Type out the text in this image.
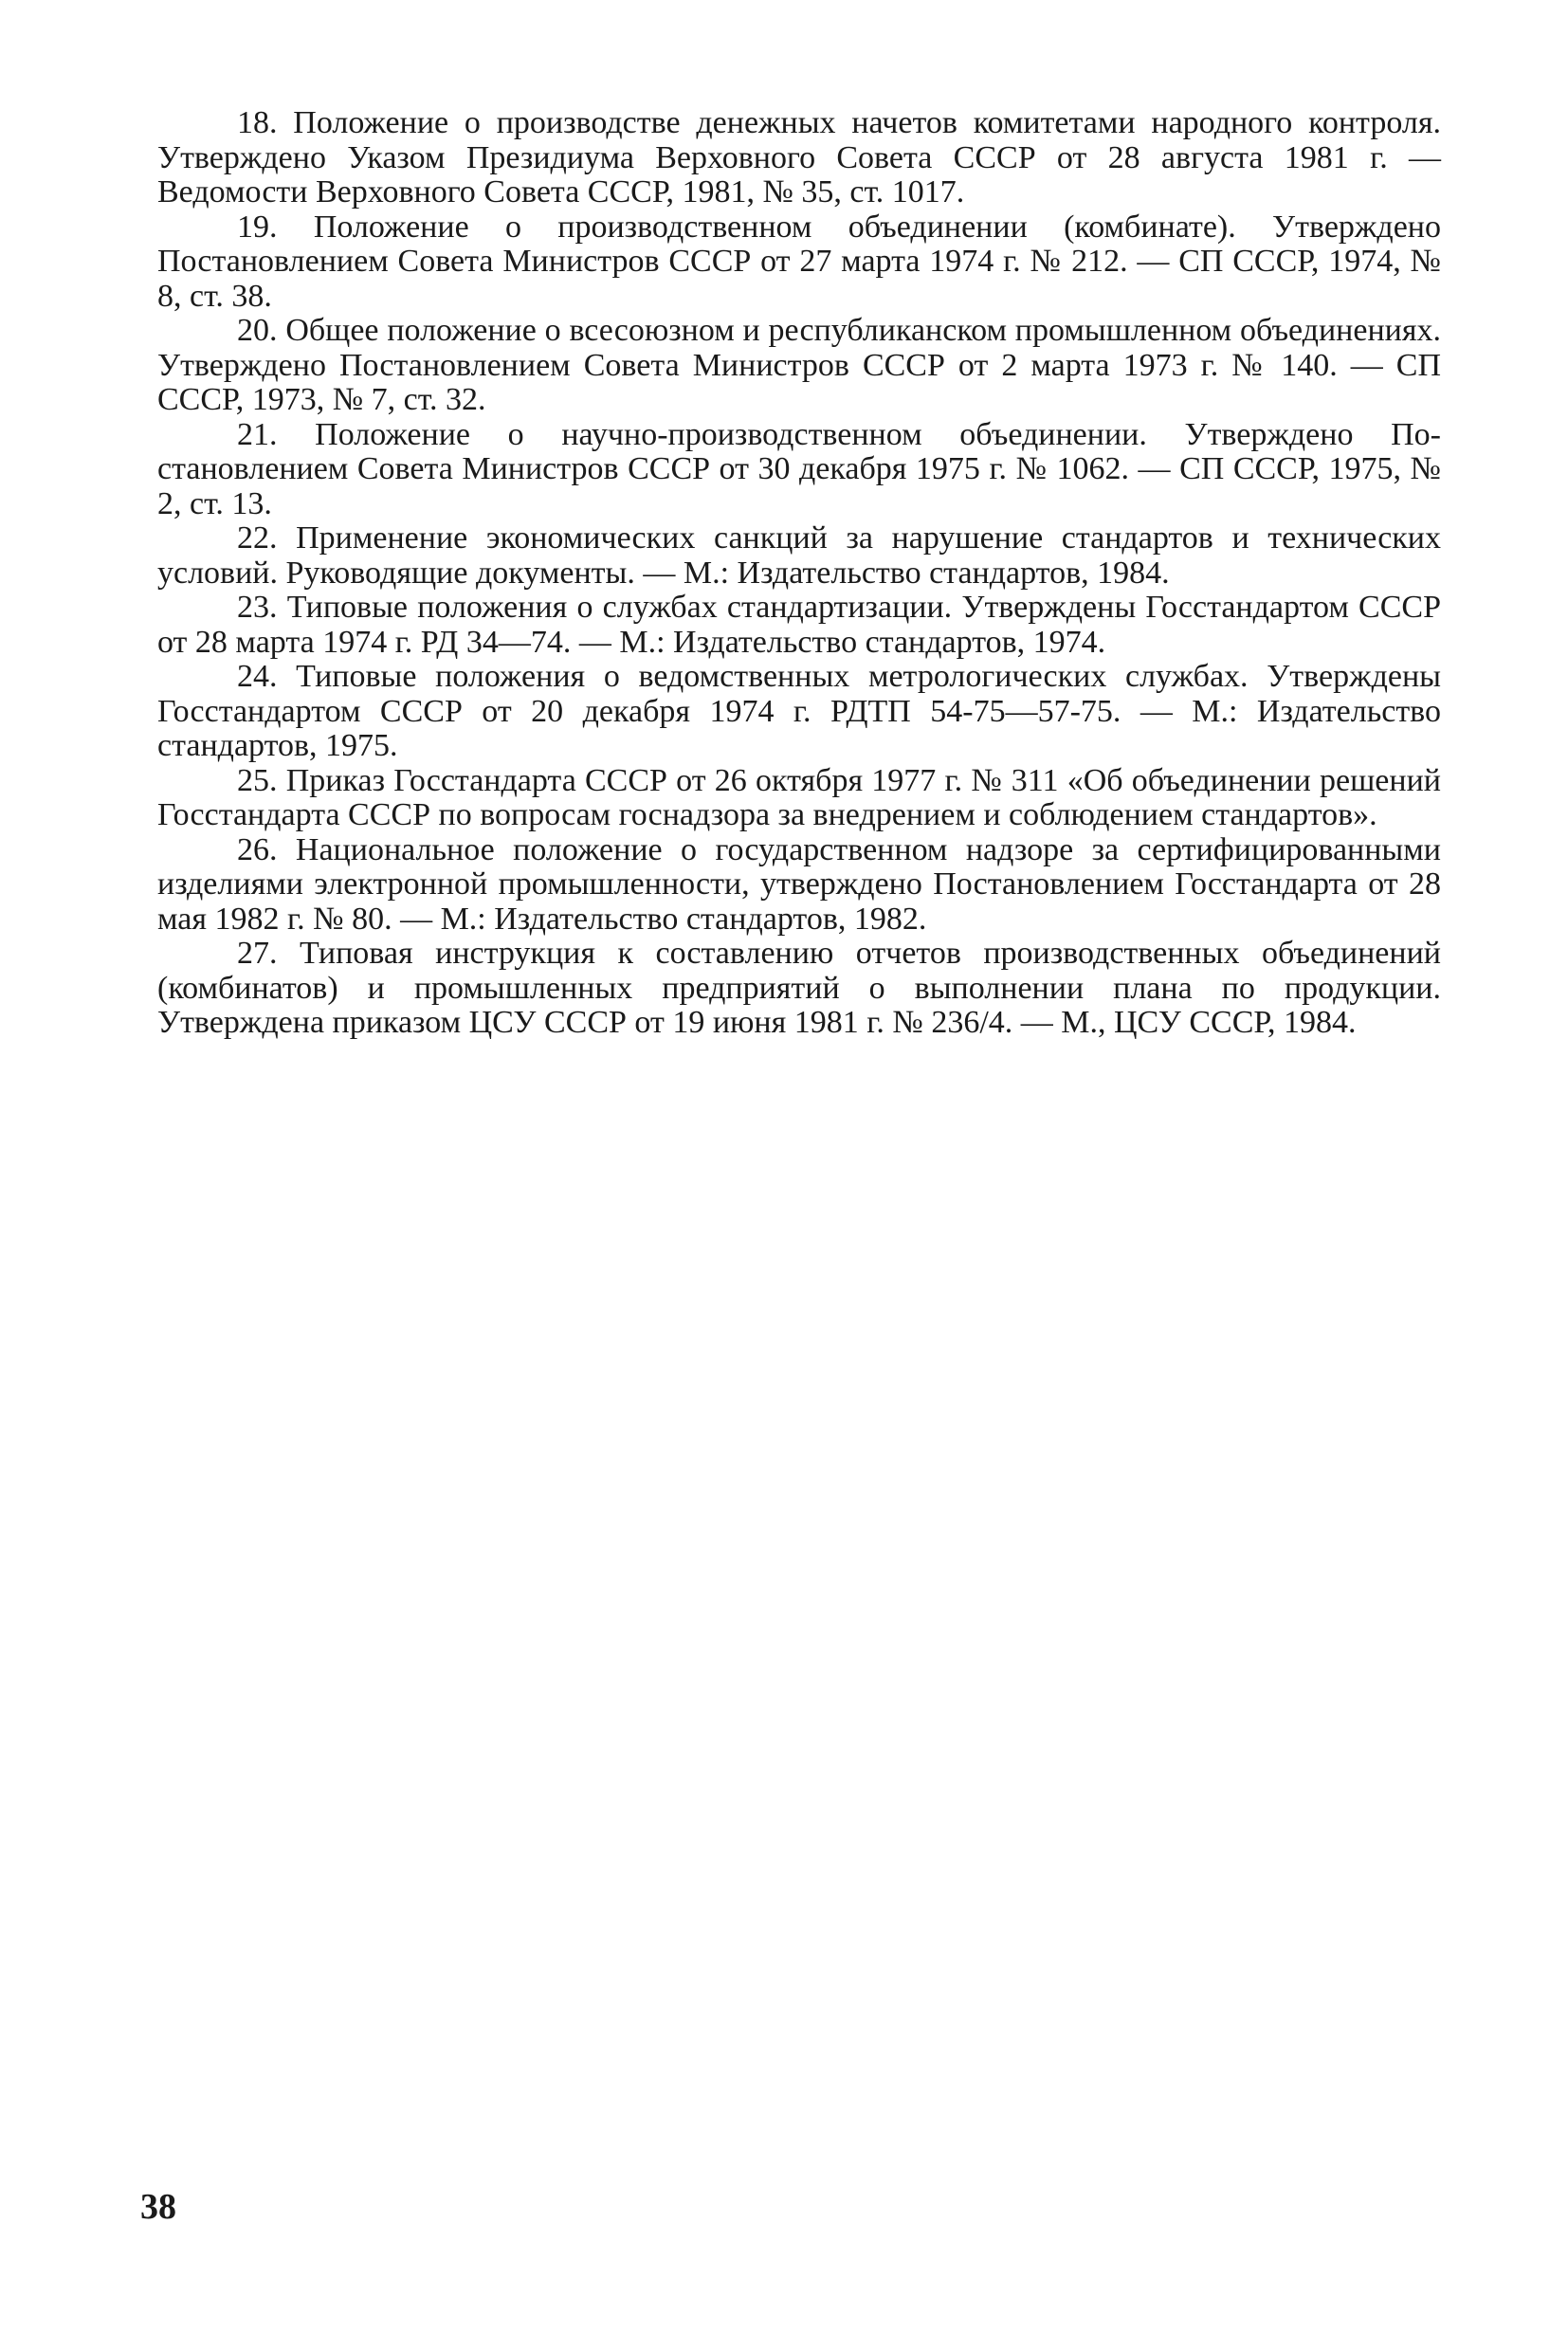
18. Положение о производстве денежных начетов комитетами народного контроля. Утверждено Указом Президиума Верховного Совета СССР от 28 августа 1981 г. — Ведомости Верховного Совета СССР, 1981, № 35, ст. 1017.
19. Положение о производственном объединении (комбинате). Утверждено Постановлением Совета Министров СССР от 27 марта 1974 г. № 212. — СП СССР, 1974, № 8, ст. 38.
20. Общее положение о всесоюзном и республиканском промышленном объединениях. Утверждено Постановлением Совета Министров СССР от 2 марта 1973 г. № 140. — СП СССР, 1973, № 7, ст. 32.
21. Положение о научно-производственном объединении. Утверждено Постановлением Совета Министров СССР от 30 декабря 1975 г. № 1062. — СП СССР, 1975, № 2, ст. 13.
22. Применение экономических санкций за нарушение стандартов и технических условий. Руководящие документы. — М.: Издательство стандартов, 1984.
23. Типовые положения о службах стандартизации. Утверждены Госстандартом СССР от 28 марта 1974 г. РД 34—74. — М.: Издательство стандартов, 1974.
24. Типовые положения о ведомственных метрологических службах. Утверждены Госстандартом СССР от 20 декабря 1974 г. РДТП 54-75—57-75. — М.: Издательство стандартов, 1975.
25. Приказ Госстандарта СССР от 26 октября 1977 г. № 311 «Об объединении решений Госстандарта СССР по вопросам госнадзора за внедрением и соблюдением стандартов».
26. Национальное положение о государственном надзоре за сертифицированными изделиями электронной промышленности, утверждено Постановлением Госстандарта от 28 мая 1982 г. № 80. — М.: Издательство стандартов, 1982.
27. Типовая инструкция к составлению отчетов производственных объединений (комбинатов) и промышленных предприятий о выполнении плана по продукции. Утверждена приказом ЦСУ СССР от 19 июня 1981 г. № 236/4. — М., ЦСУ СССР, 1984.
38
